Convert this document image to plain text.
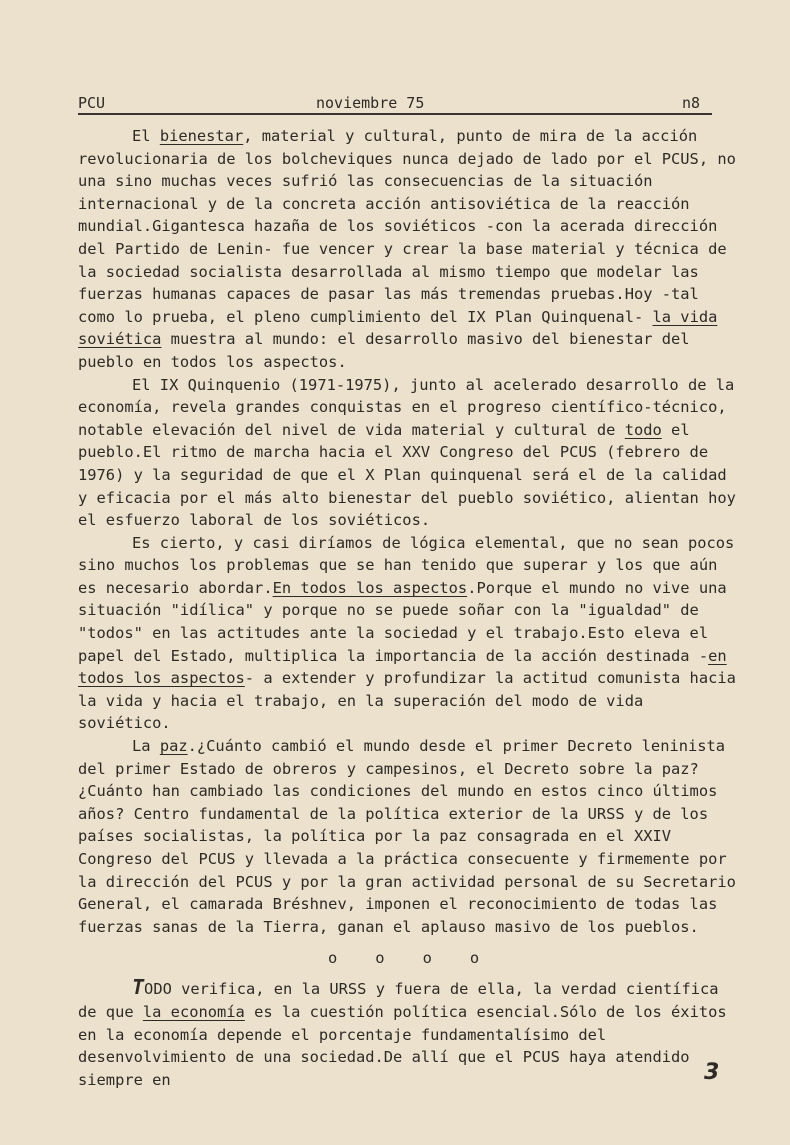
PCU	noviembre 75	n8

El bienestar, material y cultural, punto de mira de la acción revolucionaria de los bolcheviques nunca dejado de lado por el PCUS, no una sino muchas veces sufrió las consecuencias de la situación internacional y de la concreta acción antisoviética de la reacción mundial.Gigantesca hazaña de los soviéticos -con la acerada dirección del Partido de Lenin- fue vencer y crear la base material y técnica de la sociedad socialista desarrollada al mismo tiempo que modelar las fuerzas humanas capaces de pasar las más tremendas pruebas.Hoy -tal como lo prueba, el pleno cumplimiento del IX Plan Quinquenal- la vida soviética muestra al mundo: el desarrollo masivo del bienestar del pueblo en todos los aspectos.

El IX Quinquenio (1971-1975), junto al acelerado desarrollo de la economía, revela grandes conquistas en el progreso científico-técnico, notable elevación del nivel de vida material y cultural de todo el pueblo.El ritmo de marcha hacia el XXV Congreso del PCUS (febrero de 1976) y la seguridad de que el X Plan quinquenal será el de la calidad y eficacia por el más alto bienestar del pueblo soviético, alientan hoy el esfuerzo laboral de los soviéticos.

Es cierto, y casi diríamos de lógica elemental, que no sean pocos sino muchos los problemas que se han tenido que superar y los que aún es necesario abordar.En todos los aspectos.Porque el mundo no vive una situación "idílica" y porque no se puede soñar con la "igualdad" de "todos" en las actitudes ante la sociedad y el trabajo.Esto eleva el papel del Estado, multiplica la importancia de la acción destinada -en todos los aspectos- a extender y profundizar la actitud comunista hacia la vida y hacia el trabajo, en la superación del modo de vida soviético.

La paz.¿Cuánto cambió el mundo desde el primer Decreto leninista del primer Estado de obreros y campesinos, el Decreto sobre la paz? ¿Cuánto han cambiado las condiciones del mundo en estos cinco últimos años? Centro fundamental de la política exterior de la URSS y de los países socialistas, la política por la paz consagrada en el XXIV Congreso del PCUS y llevada a la práctica consecuente y firmemente por la dirección del PCUS y por la gran actividad personal de su Secretario General, el camarada Bréshnev, imponen el reconocimiento de todas las fuerzas sanas de la Tierra, ganan el aplauso masivo de los pueblos.

o o o o

TODO verifica, en la URSS y fuera de ella, la verdad científica de que la economía es la cuestión política esencial.Sólo de los éxitos en la economía depende el porcentaje fundamentalísimo del desenvolvimiento de una sociedad.De allí que el PCUS haya atendido siempre en	3
